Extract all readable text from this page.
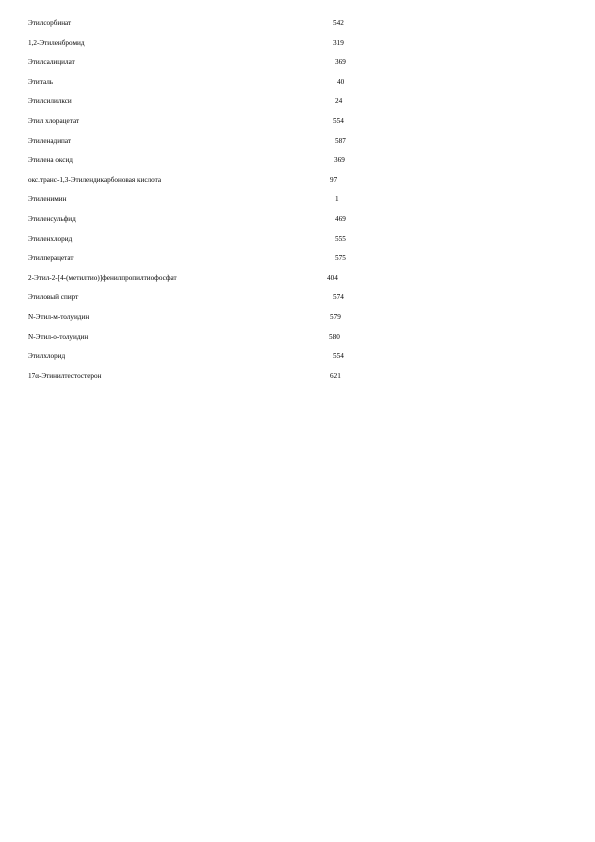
Этилсорбинат	542
1,2-Этиленбромид	319
Этилсалицилат	369
Этиталь	40
Этилсилилкси	24
Этил хлорацетат	554
Этиленадипат	587
Этилена оксид	369
окс.транс-1,3-Этилендикарбоновая кислота	97
Этиленимин	1
Этиленсульфид	469
Этиленхлорид	555
Этилперацетат	575
2-Этил-2-[4-(метилтио)]фенилпропилтиофосфат	404
Этиловый спирт	574
N-Этил-м-толуидин	579
N-Этил-о-толуидин	580
Этилхлорид	554
17α-Этинилтестостерон	621
